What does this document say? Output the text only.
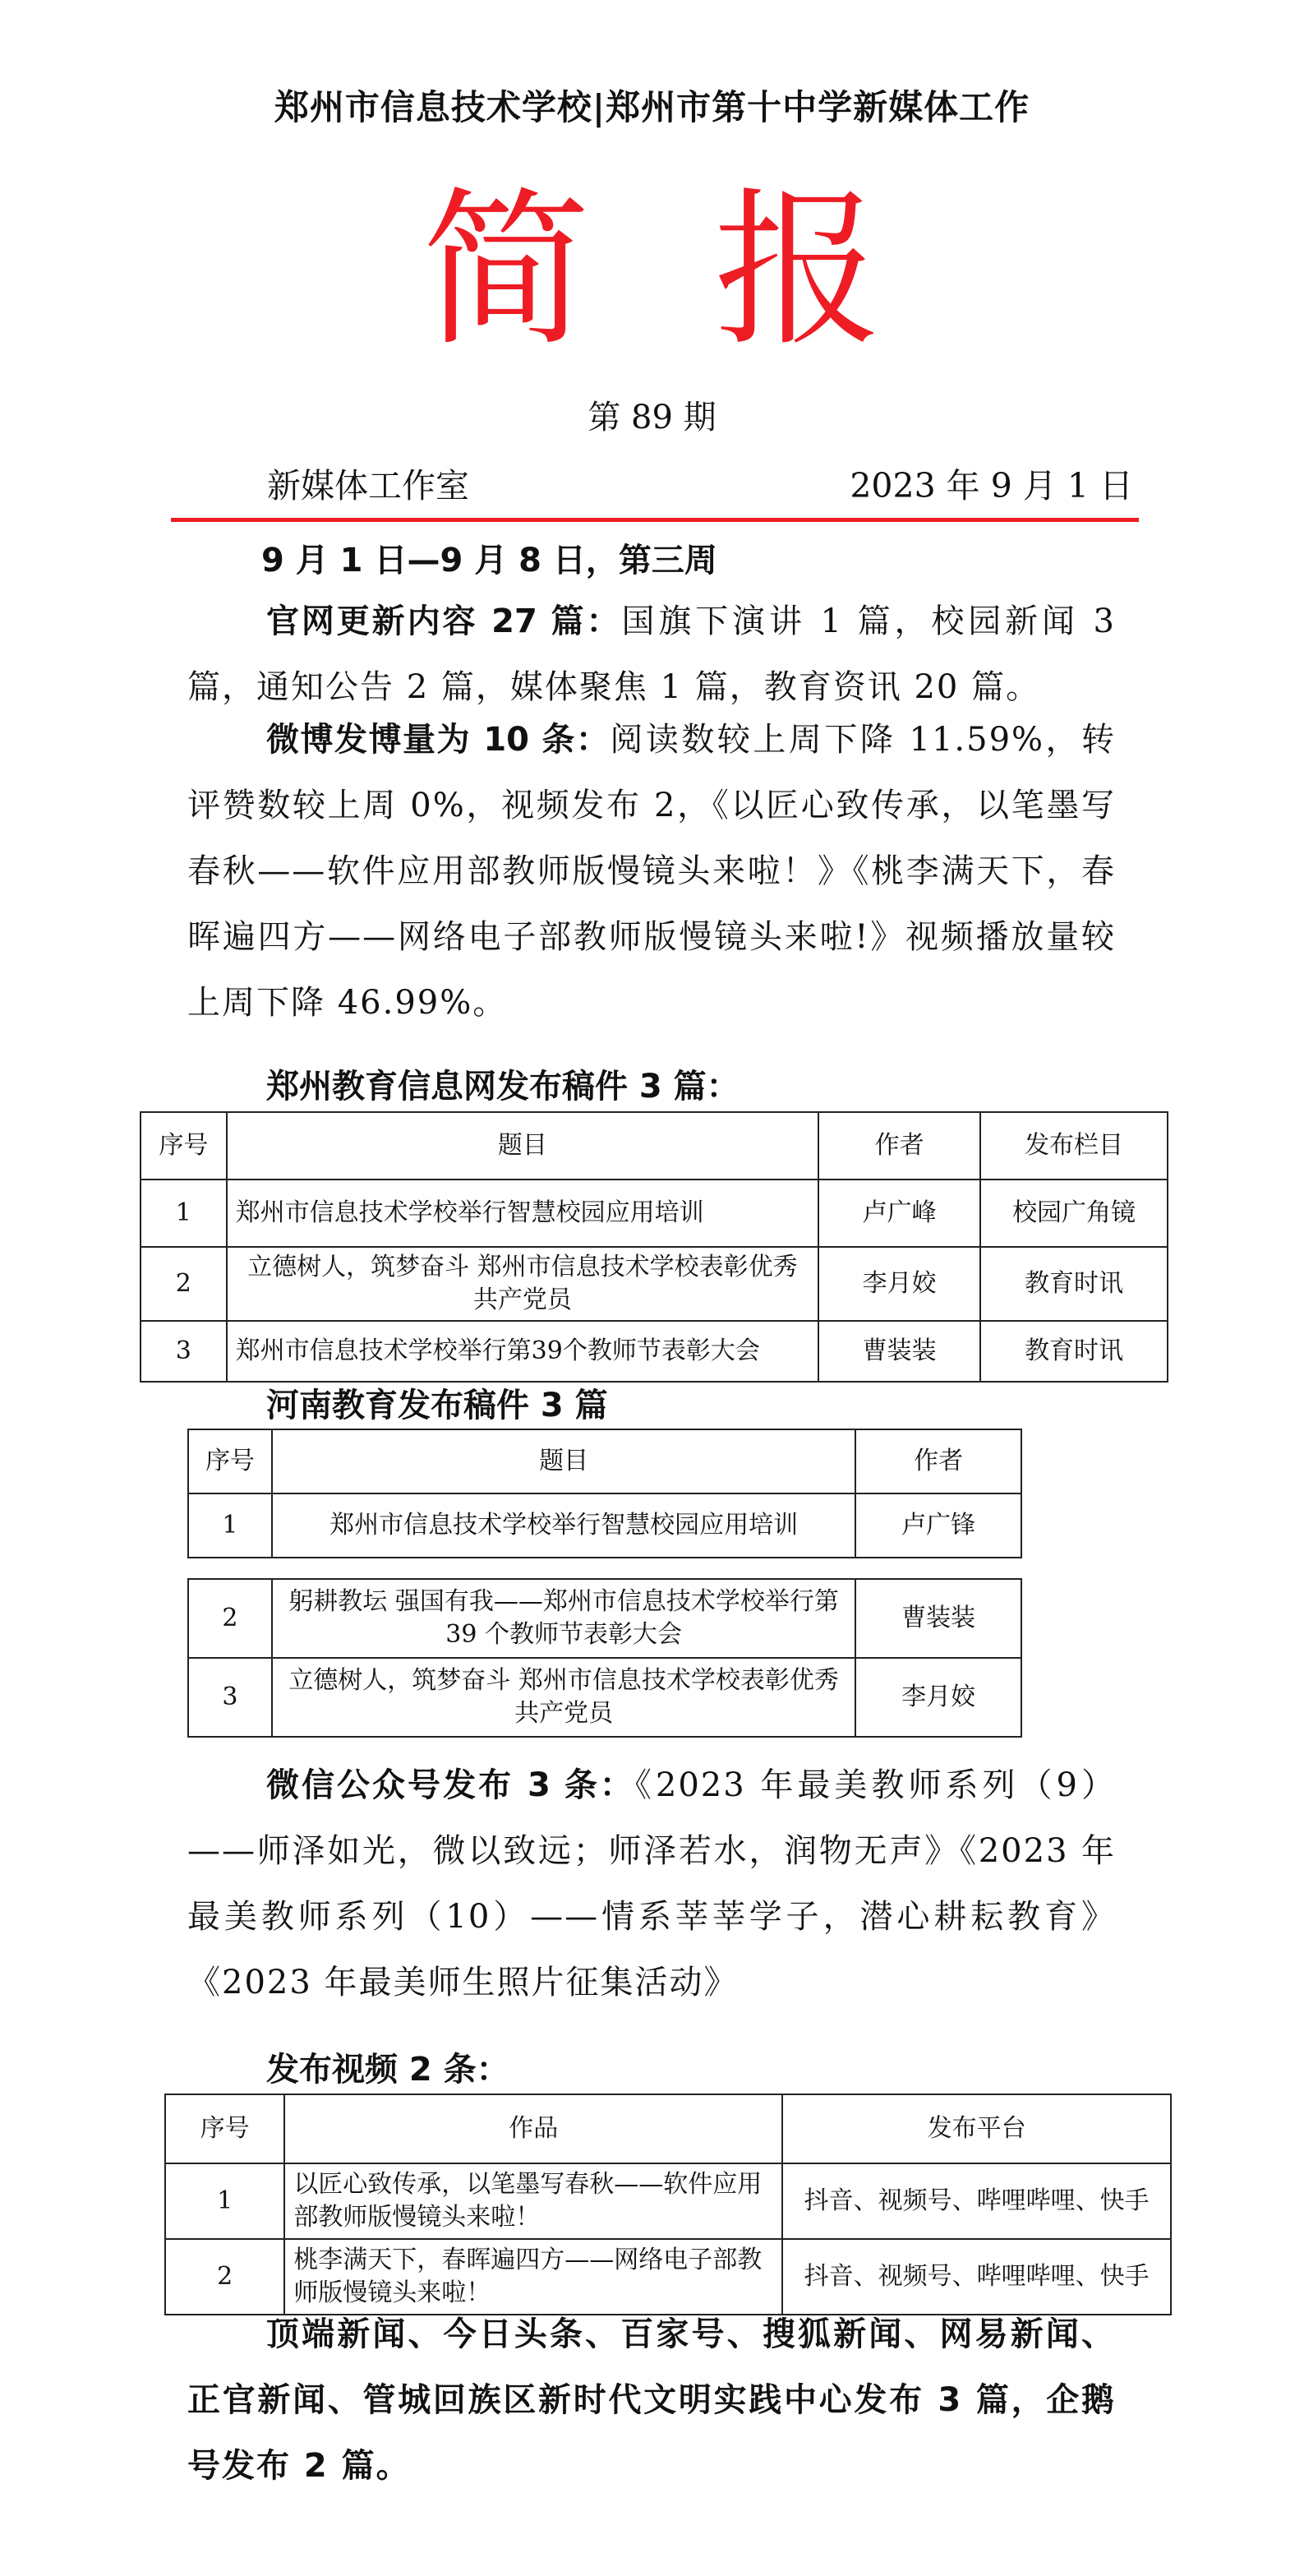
郑州市信息技术学校|郑州市第十中学新媒体工作
简报
第 89 期
新媒体工作室	2023 年 9 月 1 日
9 月 1 日—9 月 8 日，第三周

官网更新内容 27 篇：国旗下演讲 1 篇，校园新闻 3 篇，通知公告 2 篇，媒体聚焦 1 篇，教育资讯 20 篇。

微博发博量为 10 条：阅读数较上周下降 11.59%，转评赞数较上周 0%，视频发布 2，《以匠心致传承，以笔墨写春秋——软件应用部教师版慢镜头来啦！》《桃李满天下，春晖遍四方——网络电子部教师版慢镜头来啦!》视频播放量较上周下降 46.99%。

郑州教育信息网发布稿件 3 篇：
序号	题目	作者	发布栏目
1	郑州市信息技术学校举行智慧校园应用培训	卢广峰	校园广角镜
2	立德树人，筑梦奋斗 郑州市信息技术学校表彰优秀共产党员	李月姣	教育时讯
3	郑州市信息技术学校举行第39个教师节表彰大会	曹装装	教育时讯
河南教育发布稿件 3 篇
序号	题目	作者
1	郑州市信息技术学校举行智慧校园应用培训	卢广锋
2	躬耕教坛 强国有我——郑州市信息技术学校举行第 39 个教师节表彰大会	曹装装
3	立德树人，筑梦奋斗 郑州市信息技术学校表彰优秀共产党员	李月姣

微信公众号发布 3 条：《2023 年最美教师系列（9）——师泽如光，微以致远；师泽若水，润物无声》《2023 年最美教师系列（10）——情系莘莘学子，潜心耕耘教育》《2023 年最美师生照片征集活动》

发布视频 2 条：
序号	作品	发布平台
1	以匠心致传承，以笔墨写春秋——软件应用部教师版慢镜头来啦！	抖音、视频号、哔哩哔哩、快手
2	桃李满天下，春晖遍四方——网络电子部教师版慢镜头来啦！	抖音、视频号、哔哩哔哩、快手

顶端新闻、今日头条、百家号、搜狐新闻、网易新闻、正官新闻、管城回族区新时代文明实践中心发布 3 篇，企鹅号发布 2 篇。
